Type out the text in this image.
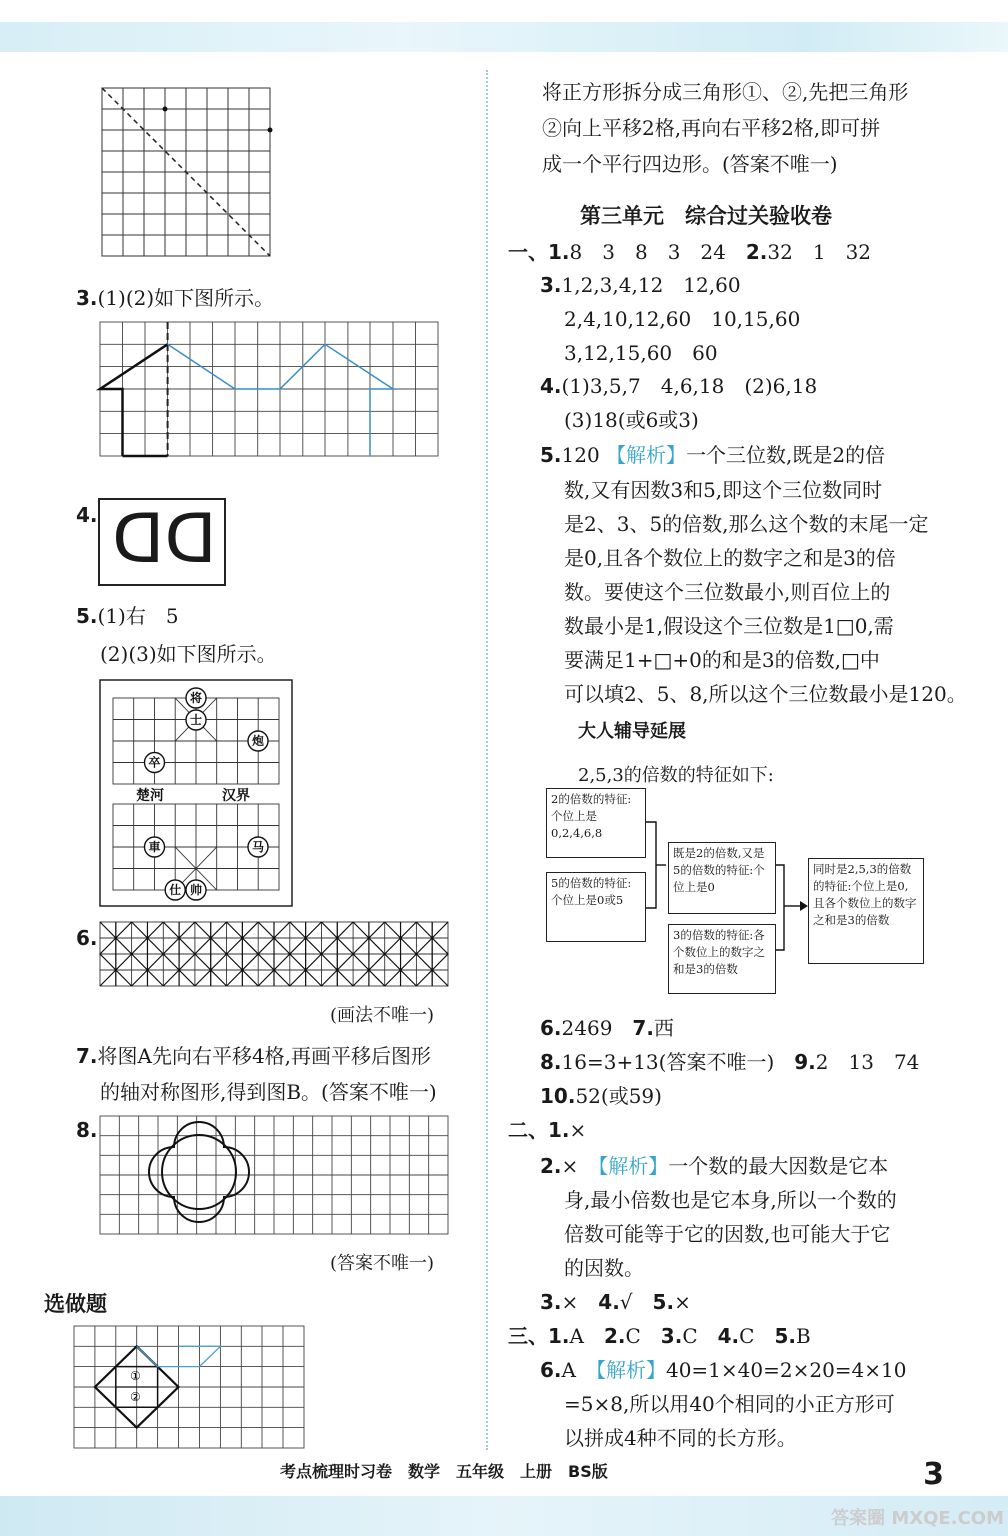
3.(1)(2)如下图所示。
4. DD
5.(1)右　5
(2)(3)如下图所示。
将
士
炮
卒
車	马
仕 帅
楚河	汉界
6.
(画法不唯一)
7.将图A先向右平移4格,再画平移后图形
的轴对称图形,得到图B。(答案不唯一)
8.
(答案不唯一)
选做题
①
②
将正方形拆分成三角形①、②,先把三角形
②向上平移2格,再向右平移2格,即可拼
成一个平行四边形。(答案不唯一)
第三单元　综合过关验收卷
一、1.8　3　8　3　24　 2.32　1　32
3.1,2,3,4,12　12,60
2,4,10,12,60　10,15,60
3,12,15,60　60
4.(1)3,5,7　4,6,18　(2)6,18
(3)18(或6或3)
5.120 【解析】一个三位数,既是2的倍
数,又有因数3和5,即这个三位数同时
是2、3、5的倍数,那么这个数的末尾一定
是0,且各个数位上的数字之和是3的倍
数。要使这个三位数最小,则百位上的
数最小是1,假设这个三位数是1□0,需
要满足1+□+0的和是3的倍数,□中
可以填2、5、8,所以这个三位数最小是120。
大人辅导延展
2,5,3的倍数的特征如下:
2的倍数的特征:个位上是0,2,4,6,8
5的倍数的特征:个位上是0或5
既是2的倍数,又是5的倍数的特征:个位上是0
3的倍数的特征:各个数位上的数字之和是3的倍数
同时是2,5,3的倍数的特征:个位上是0,且各个数位上的数字之和是3的倍数
6.2469　 7.西
8.16=3+13(答案不唯一)　 9.2　13　74
10.52(或59)
二、1.×
2.×　 【解析】一个数的最大因数是它本
身,最小倍数也是它本身,所以一个数的
倍数可能等于它的因数,也可能大于它
的因数。
3.×　 4.√　 5.×
三、1.A　 2.C　 3.C　 4.C　 5.B
6.A　 【解析】40=1×40=2×20=4×10
=5×8,所以用40个相同的小正方形可
以拼成4种不同的长方形。
考点梳理时习卷　数学　五年级　上册　BS版	3
答案圈 MXQE.COM
